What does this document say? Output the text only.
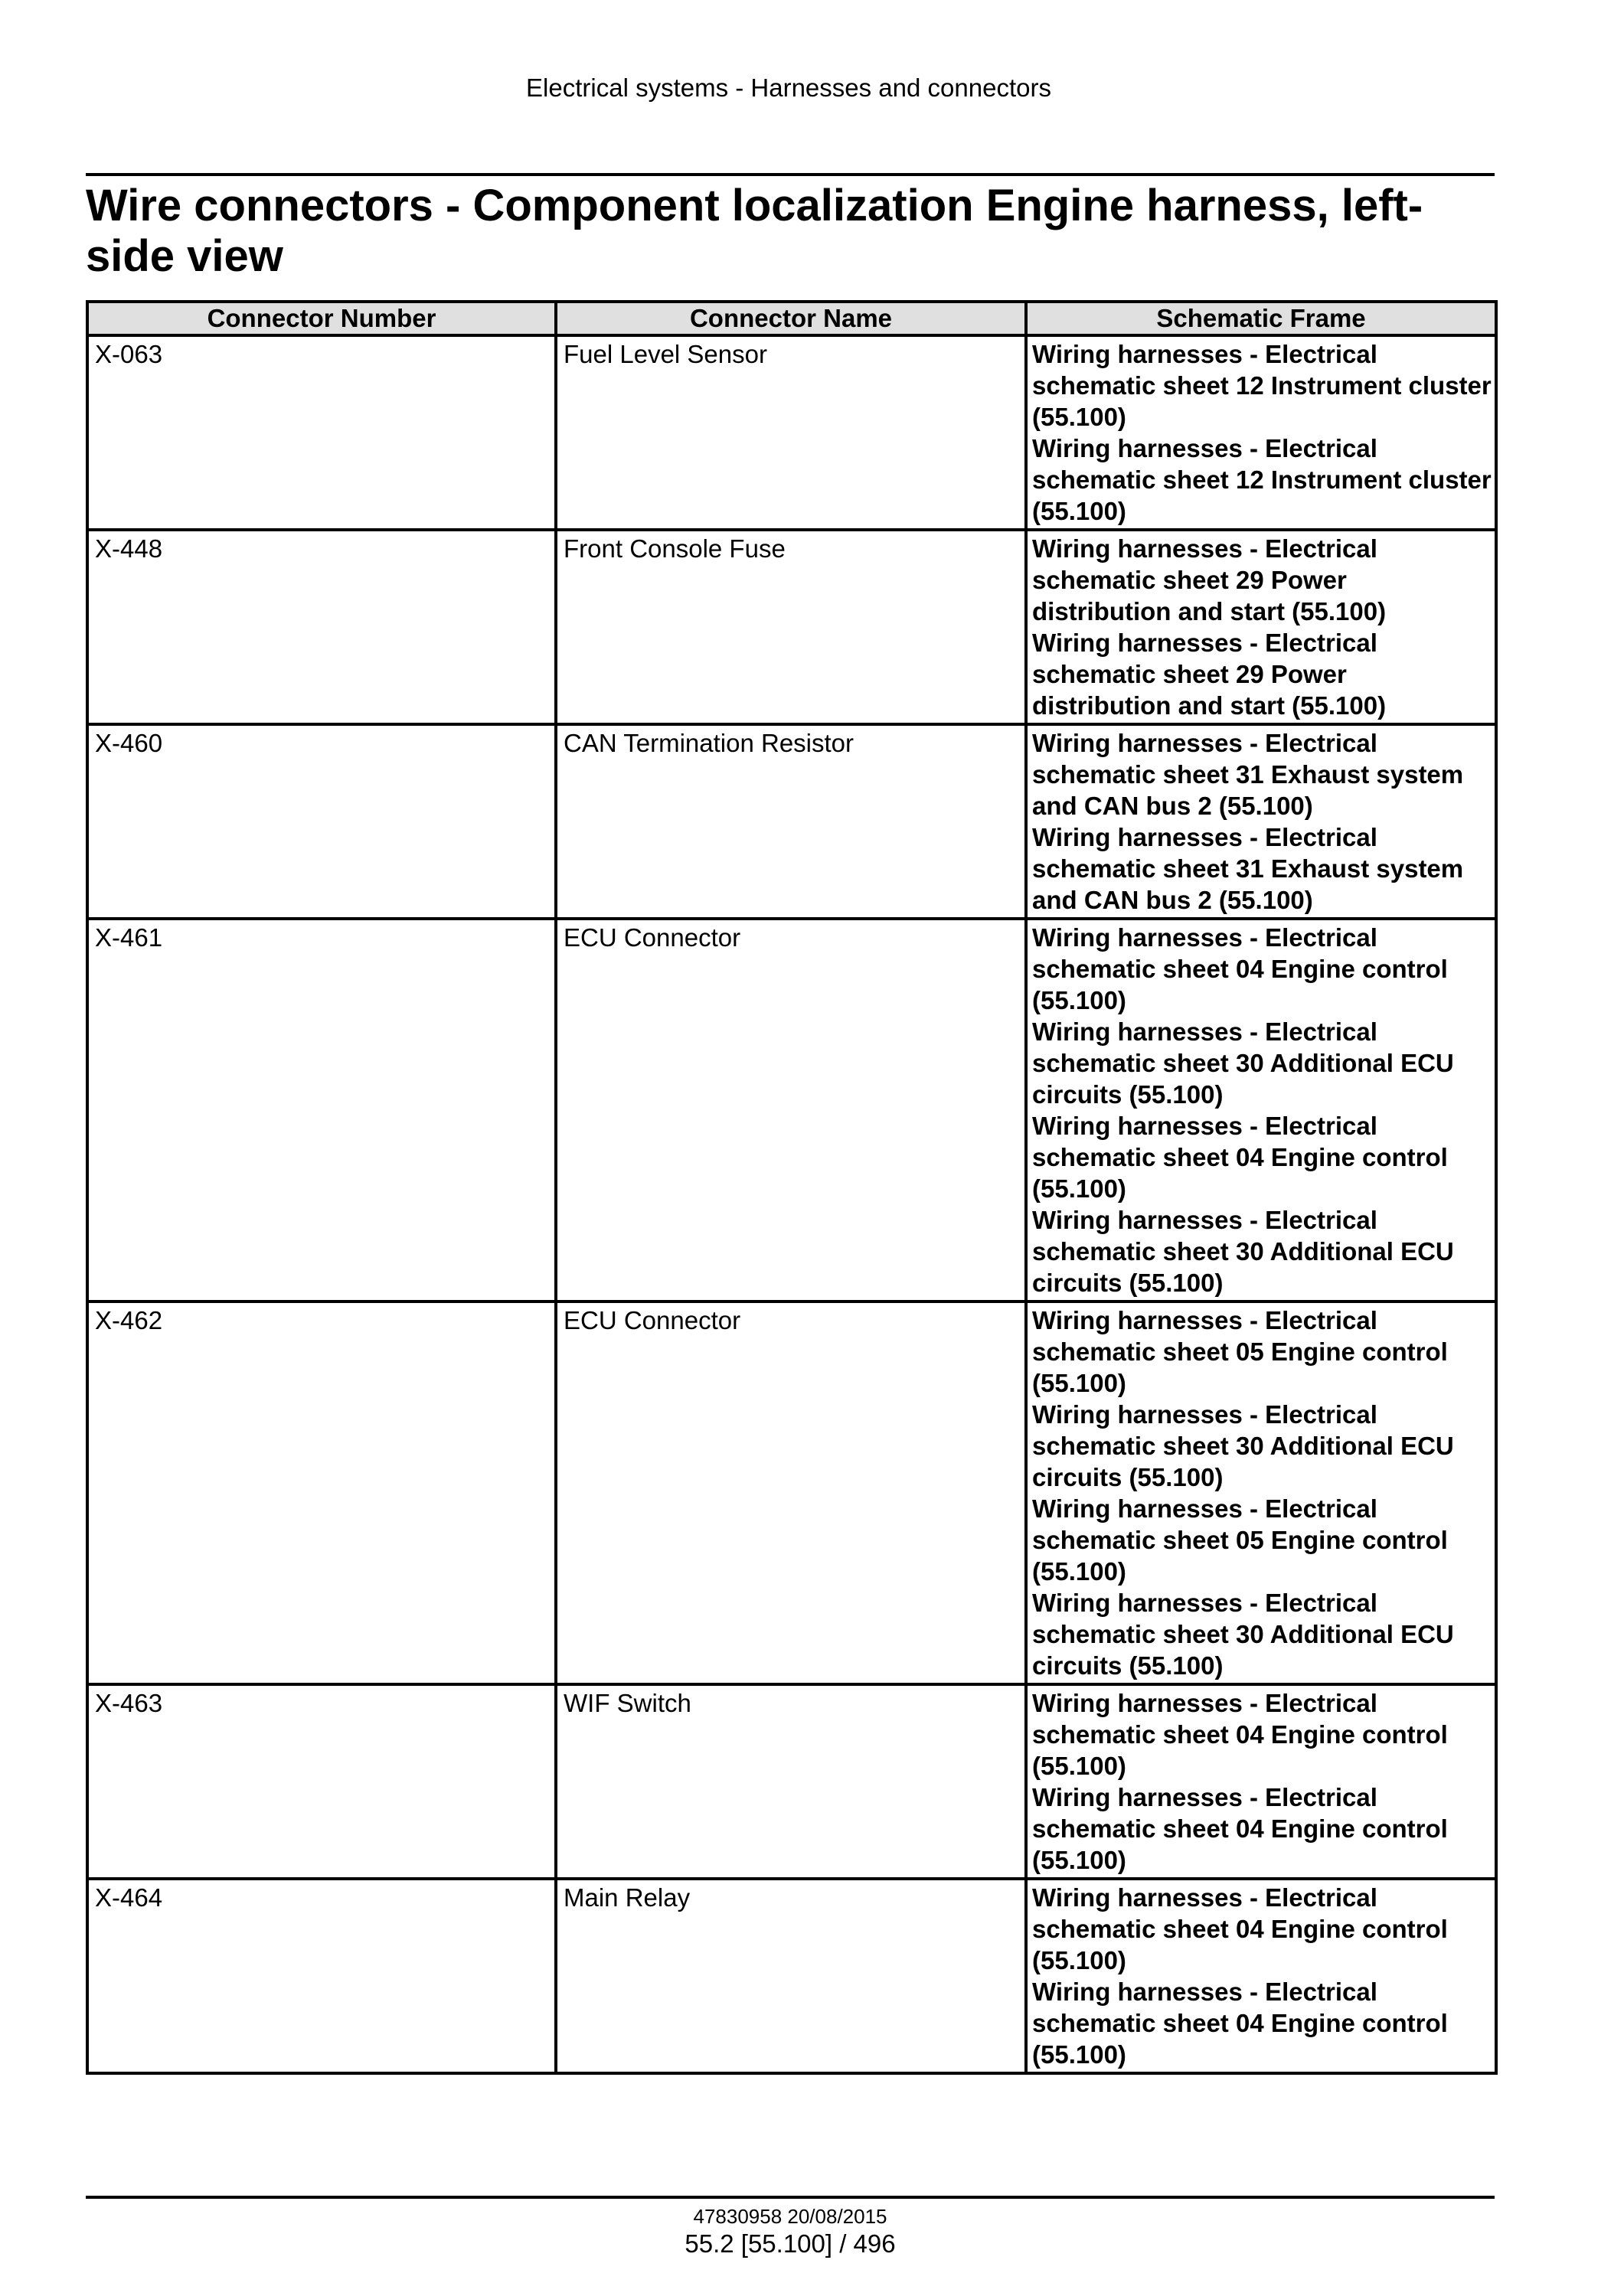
Electrical systems - Harnesses and connectors
Wire connectors - Component localization Engine harness, left-side view
Connector Number	Connector Name	Schematic Frame
X-063	Fuel Level Sensor	Wiring harnesses - Electrical schematic sheet 12 Instrument cluster (55.100)
Wiring harnesses - Electrical schematic sheet 12 Instrument cluster (55.100)

X-448	Front Console Fuse	Wiring harnesses - Electrical schematic sheet 29 Power distribution and start (55.100)
Wiring harnesses - Electrical schematic sheet 29 Power distribution and start (55.100)

X-460	CAN Termination Resistor	Wiring harnesses - Electrical schematic sheet 31 Exhaust system and CAN bus 2 (55.100)
Wiring harnesses - Electrical schematic sheet 31 Exhaust system and CAN bus 2 (55.100)

X-461	ECU Connector	Wiring harnesses - Electrical schematic sheet 04 Engine control (55.100)
Wiring harnesses - Electrical schematic sheet 30 Additional ECU circuits (55.100)
Wiring harnesses - Electrical schematic sheet 04 Engine control (55.100)
Wiring harnesses - Electrical schematic sheet 30 Additional ECU circuits (55.100)

X-462	ECU Connector	Wiring harnesses - Electrical schematic sheet 05 Engine control (55.100)
Wiring harnesses - Electrical schematic sheet 30 Additional ECU circuits (55.100)
Wiring harnesses - Electrical schematic sheet 05 Engine control (55.100)
Wiring harnesses - Electrical schematic sheet 30 Additional ECU circuits (55.100)

X-463	WIF Switch	Wiring harnesses - Electrical schematic sheet 04 Engine control (55.100)
Wiring harnesses - Electrical schematic sheet 04 Engine control (55.100)

X-464	Main Relay	Wiring harnesses - Electrical schematic sheet 04 Engine control (55.100)
Wiring harnesses - Electrical schematic sheet 04 Engine control (55.100)
47830958 20/08/2015
55.2 [55.100] / 496
